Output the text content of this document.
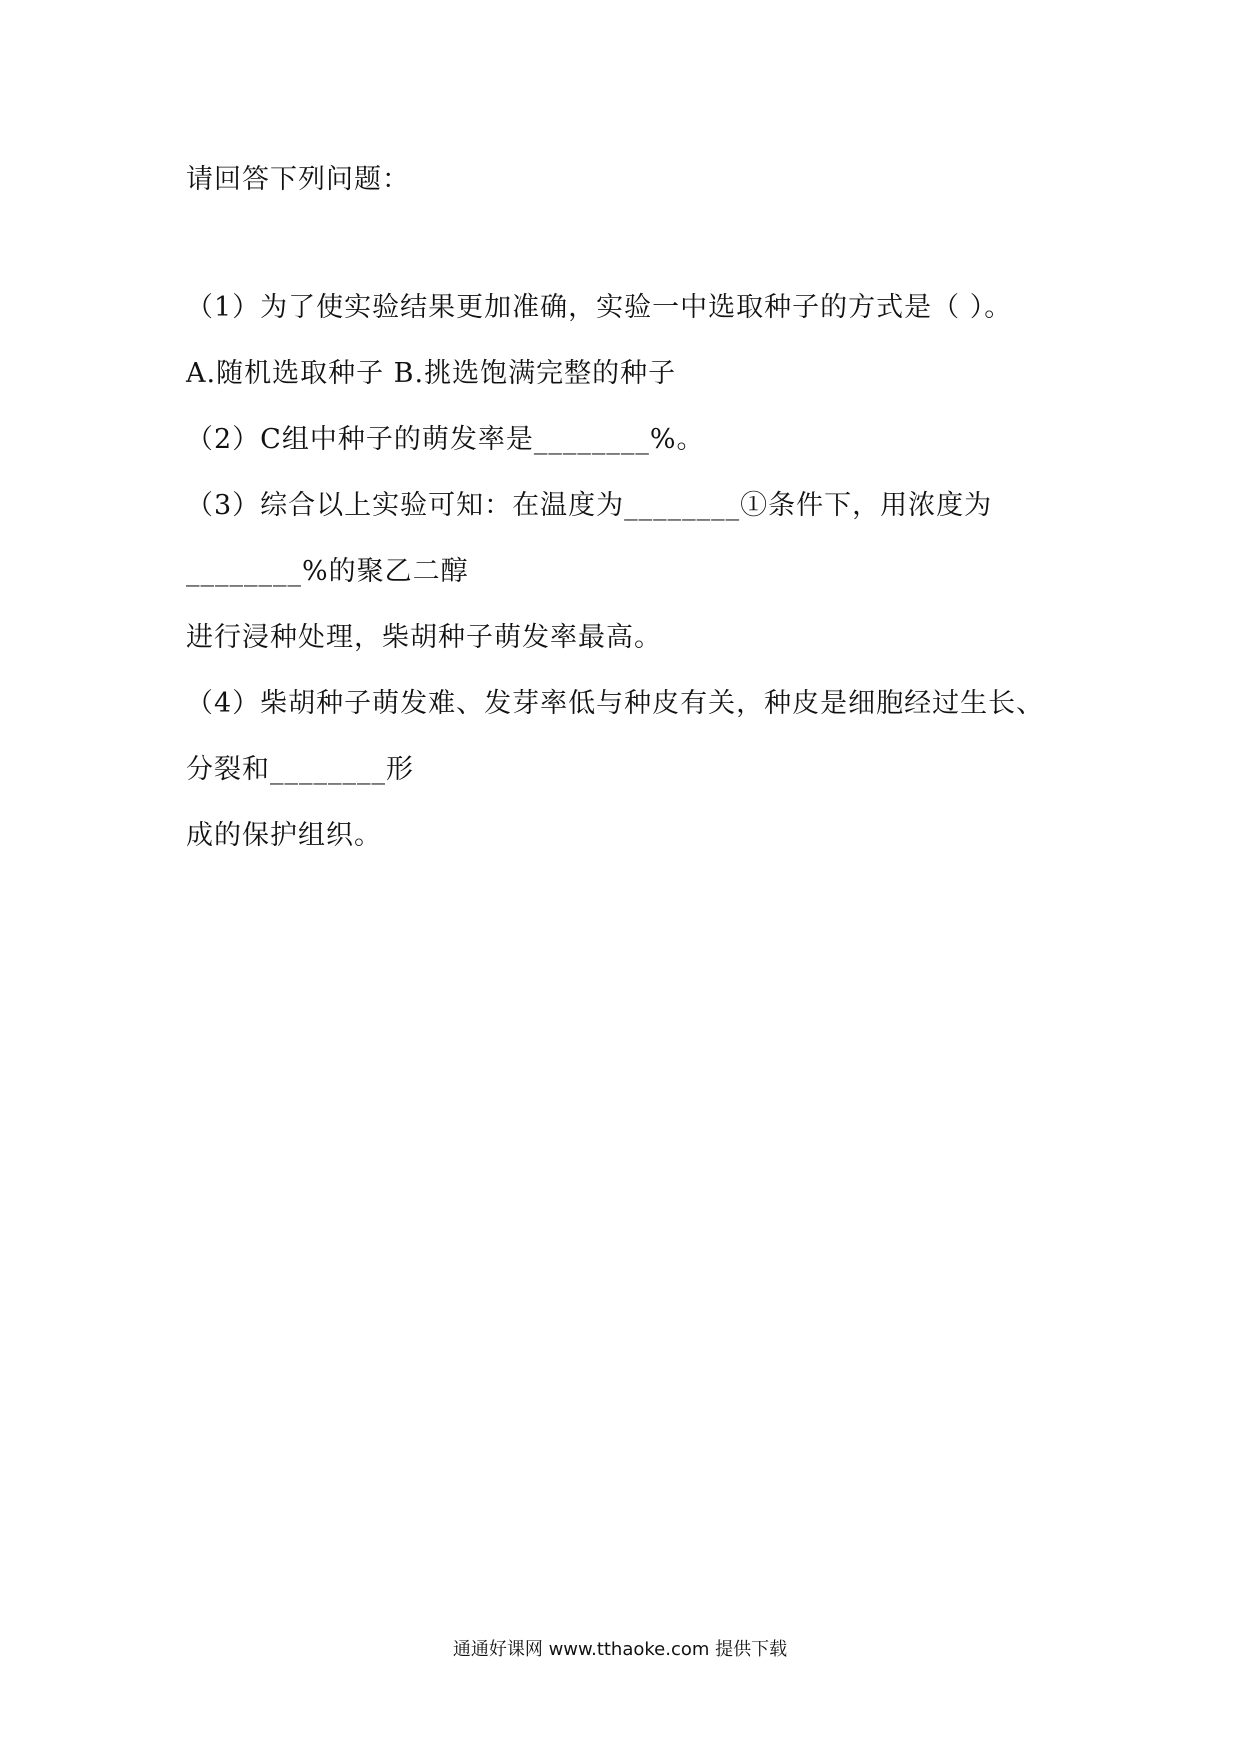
请回答下列问题：
（1）为了使实验结果更加准确，实验一中选取种子的方式是（ ）。
A.随机选取种子 B.挑选饱满完整的种子
（2）C组中种子的萌发率是________%。
（3）综合以上实验可知：在温度为________①条件下，用浓度为
________%的聚乙二醇
进行浸种处理，柴胡种子萌发率最高。
（4）柴胡种子萌发难、发芽率低与种皮有关，种皮是细胞经过生长、
分裂和________形
成的保护组织。
通通好课网 www.tthaoke.com 提供下载
